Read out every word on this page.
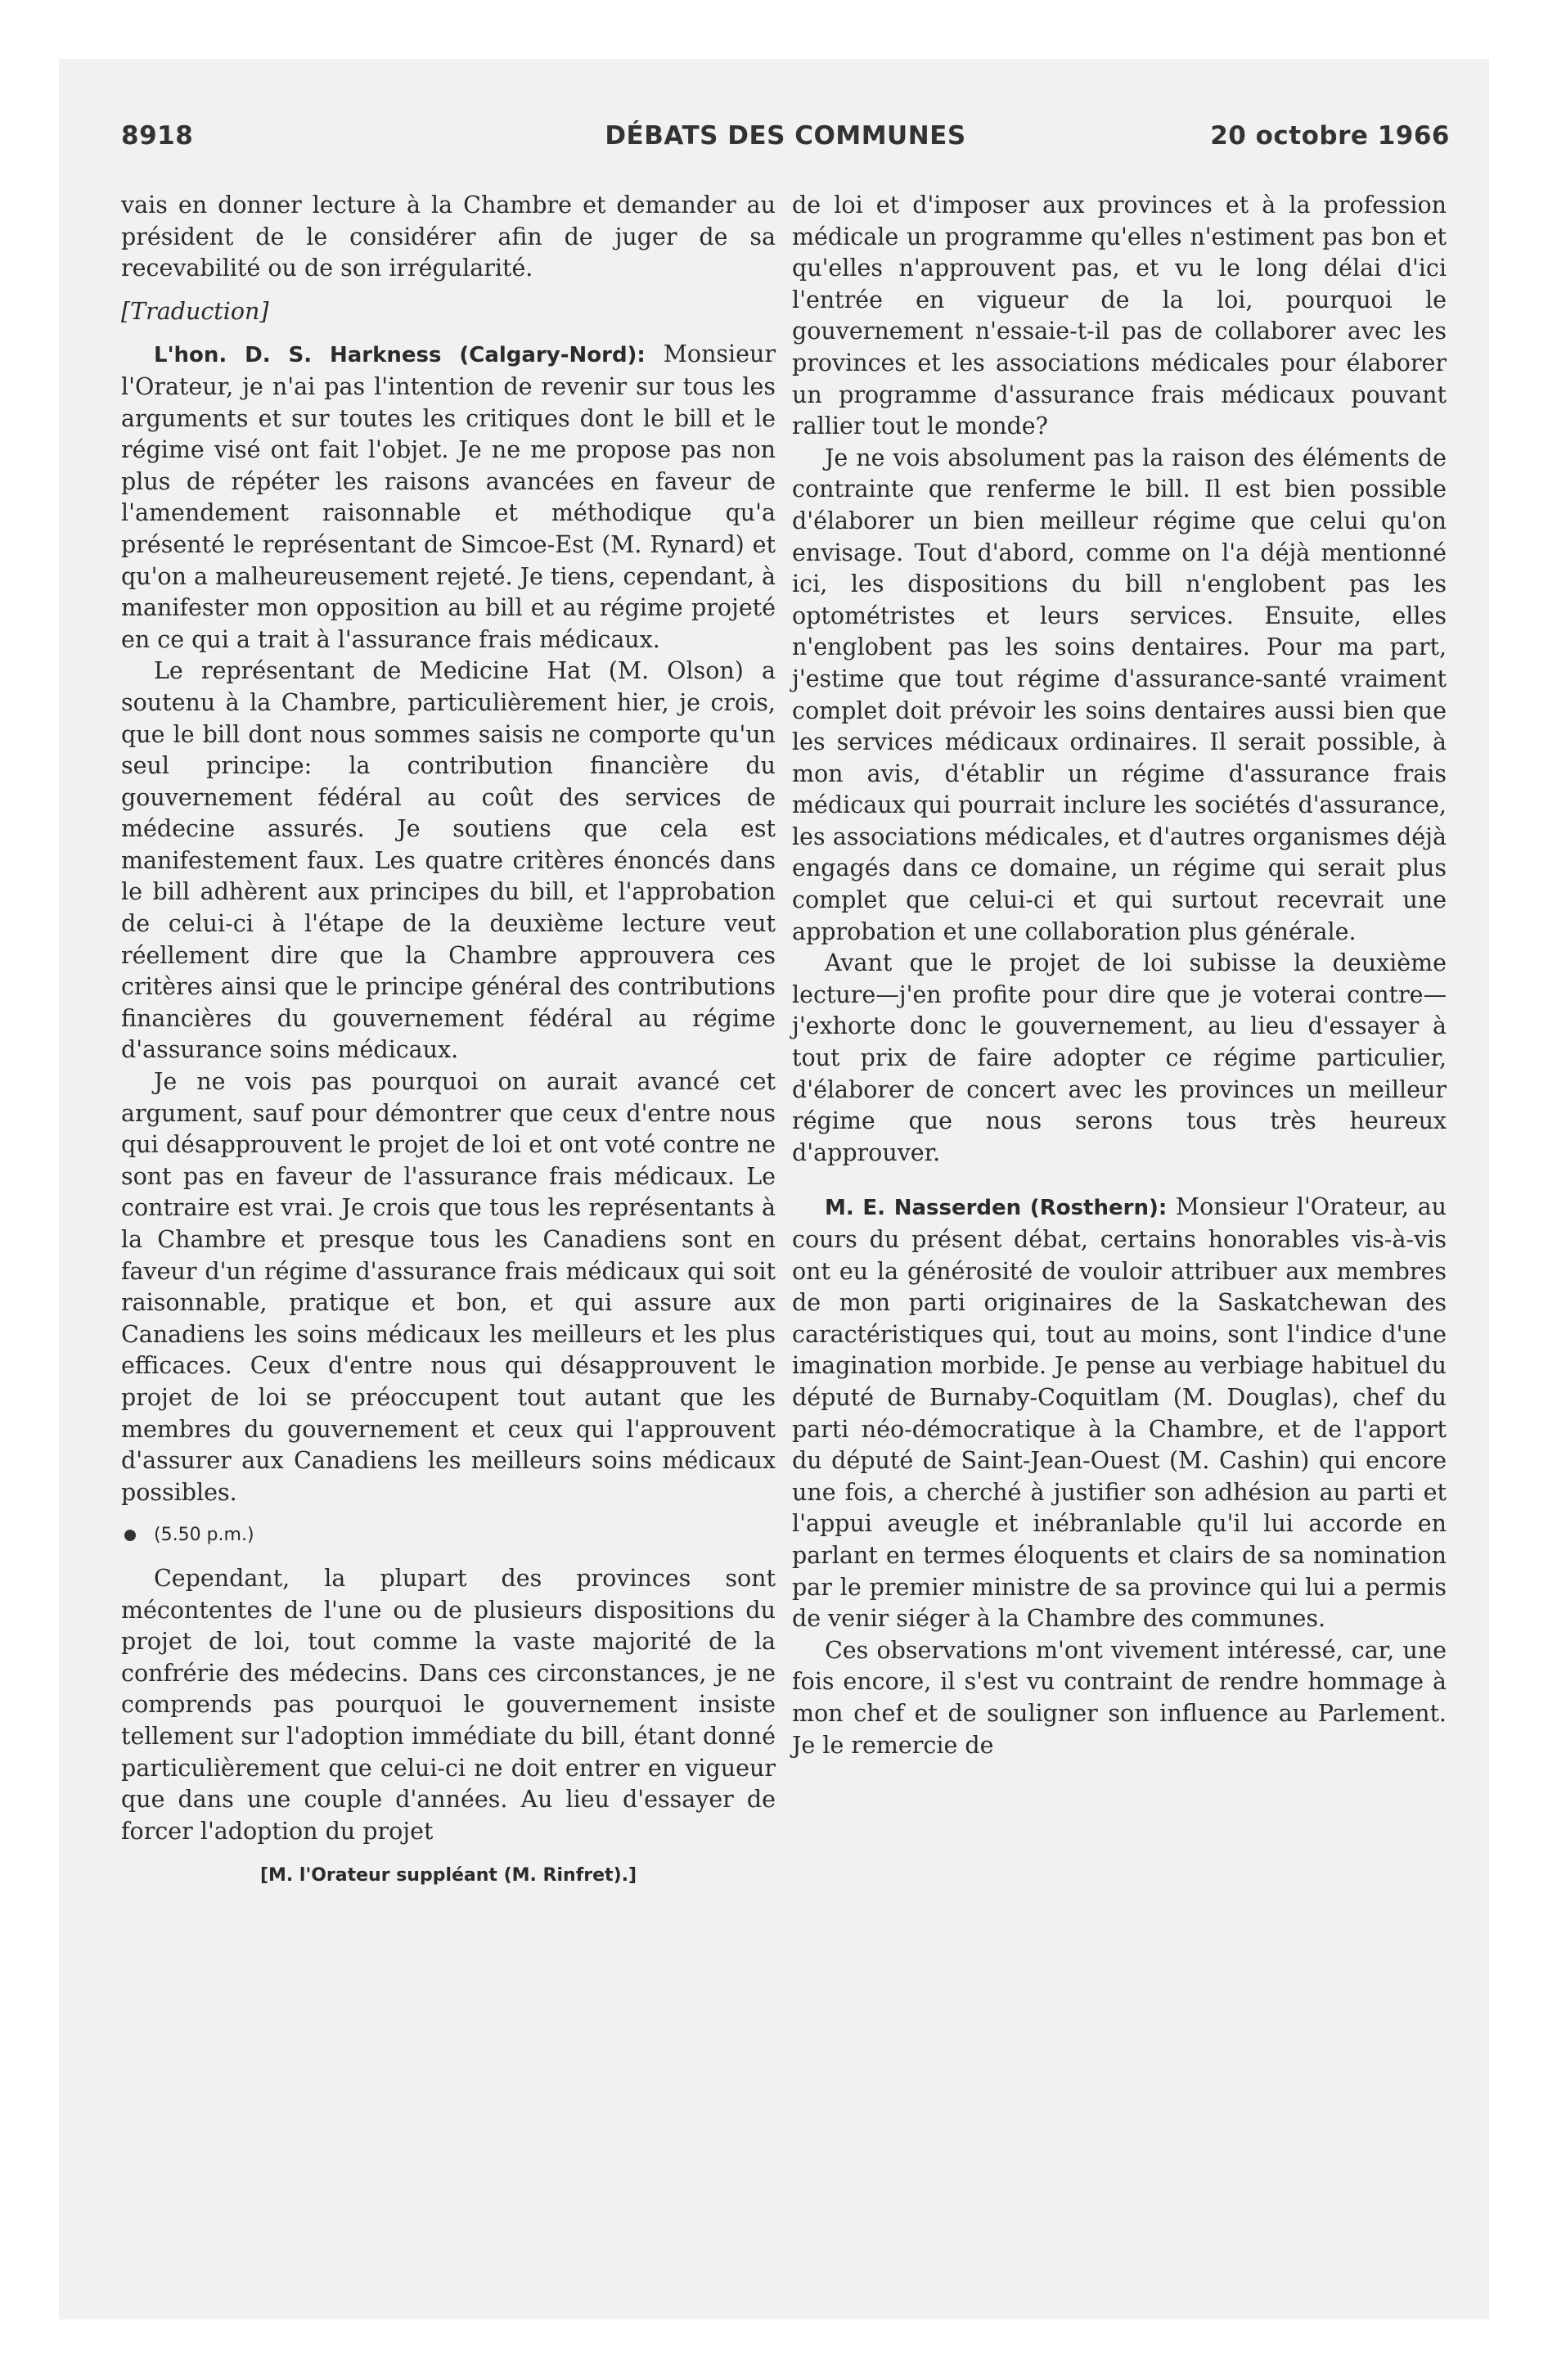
8918	DÉBATS DES COMMUNES	20 octobre 1966

vais en donner lecture à la Chambre et demander au président de le considérer afin de juger de sa recevabilité ou de son irrégularité.

[Traduction]

L'hon. D. S. Harkness (Calgary-Nord): Monsieur l'Orateur, je n'ai pas l'intention de revenir sur tous les arguments et sur toutes les critiques dont le bill et le régime visé ont fait l'objet. Je ne me propose pas non plus de répéter les raisons avancées en faveur de l'amendement raisonnable et méthodique qu'a présenté le représentant de Simcoe-Est (M. Rynard) et qu'on a malheureusement rejeté. Je tiens, cependant, à manifester mon opposition au bill et au régime projeté en ce qui a trait à l'assurance frais médicaux.

Le représentant de Medicine Hat (M. Olson) a soutenu à la Chambre, particulièrement hier, je crois, que le bill dont nous sommes saisis ne comporte qu'un seul principe: la contribution financière du gouvernement fédéral au coût des services de médecine assurés. Je soutiens que cela est manifestement faux. Les quatre critères énoncés dans le bill adhèrent aux principes du bill, et l'approbation de celui-ci à l'étape de la deuxième lecture veut réellement dire que la Chambre approuvera ces critères ainsi que le principe général des contributions financières du gouvernement fédéral au régime d'assurance soins médicaux.

Je ne vois pas pourquoi on aurait avancé cet argument, sauf pour démontrer que ceux d'entre nous qui désapprouvent le projet de loi et ont voté contre ne sont pas en faveur de l'assurance frais médicaux. Le contraire est vrai. Je crois que tous les représentants à la Chambre et presque tous les Canadiens sont en faveur d'un régime d'assurance frais médicaux qui soit raisonnable, pratique et bon, et qui assure aux Canadiens les soins médicaux les meilleurs et les plus efficaces. Ceux d'entre nous qui désapprouvent le projet de loi se préoccupent tout autant que les membres du gouvernement et ceux qui l'approuvent d'assurer aux Canadiens les meilleurs soins médicaux possibles.

(5.50 p.m.)

Cependant, la plupart des provinces sont mécontentes de l'une ou de plusieurs dispositions du projet de loi, tout comme la vaste majorité de la confrérie des médecins. Dans ces circonstances, je ne comprends pas pourquoi le gouvernement insiste tellement sur l'adoption immédiate du bill, étant donné particulièrement que celui-ci ne doit entrer en vigueur que dans une couple d'années. Au lieu d'essayer de forcer l'adoption du projet

[M. l'Orateur suppléant (M. Rinfret).]

de loi et d'imposer aux provinces et à la profession médicale un programme qu'elles n'estiment pas bon et qu'elles n'approuvent pas, et vu le long délai d'ici l'entrée en vigueur de la loi, pourquoi le gouvernement n'essaie-t-il pas de collaborer avec les provinces et les associations médicales pour élaborer un programme d'assurance frais médicaux pouvant rallier tout le monde?

Je ne vois absolument pas la raison des éléments de contrainte que renferme le bill. Il est bien possible d'élaborer un bien meilleur régime que celui qu'on envisage. Tout d'abord, comme on l'a déjà mentionné ici, les dispositions du bill n'englobent pas les optométristes et leurs services. Ensuite, elles n'englobent pas les soins dentaires. Pour ma part, j'estime que tout régime d'assurance-santé vraiment complet doit prévoir les soins dentaires aussi bien que les services médicaux ordinaires. Il serait possible, à mon avis, d'établir un régime d'assurance frais médicaux qui pourrait inclure les sociétés d'assurance, les associations médicales, et d'autres organismes déjà engagés dans ce domaine, un régime qui serait plus complet que celui-ci et qui surtout recevrait une approbation et une collaboration plus générale.

Avant que le projet de loi subisse la deuxième lecture—j'en profite pour dire que je voterai contre—j'exhorte donc le gouvernement, au lieu d'essayer à tout prix de faire adopter ce régime particulier, d'élaborer de concert avec les provinces un meilleur régime que nous serons tous très heureux d'approuver.

M. E. Nasserden (Rosthern): Monsieur l'Orateur, au cours du présent débat, certains honorables vis-à-vis ont eu la générosité de vouloir attribuer aux membres de mon parti originaires de la Saskatchewan des caractéristiques qui, tout au moins, sont l'indice d'une imagination morbide. Je pense au verbiage habituel du député de Burnaby-Coquitlam (M. Douglas), chef du parti néo-démocratique à la Chambre, et de l'apport du député de Saint-Jean-Ouest (M. Cashin) qui encore une fois, a cherché à justifier son adhésion au parti et l'appui aveugle et inébranlable qu'il lui accorde en parlant en termes éloquents et clairs de sa nomination par le premier ministre de sa province qui lui a permis de venir siéger à la Chambre des communes.

Ces observations m'ont vivement intéressé, car, une fois encore, il s'est vu contraint de rendre hommage à mon chef et de souligner son influence au Parlement. Je le remercie de
